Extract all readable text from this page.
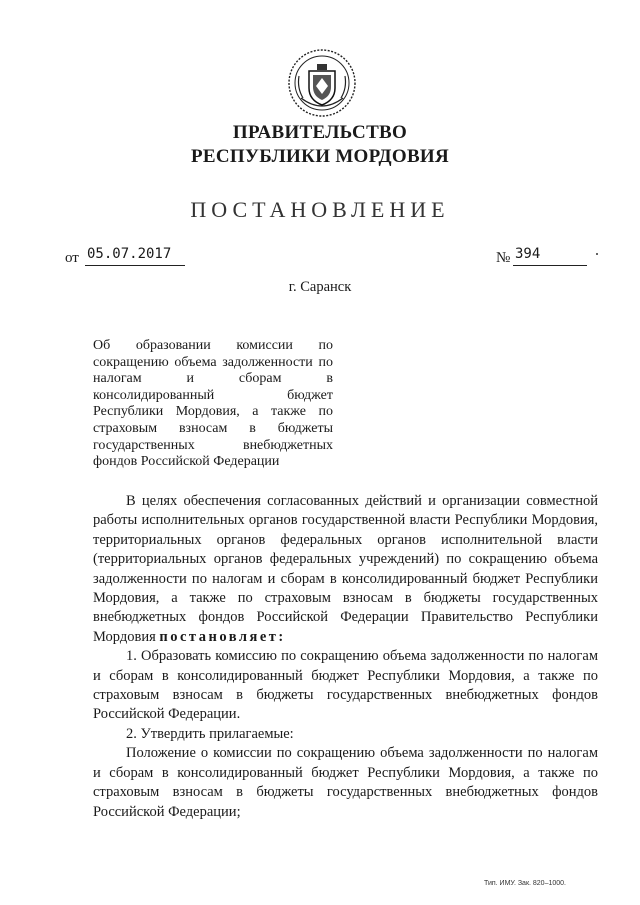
ПРАВИТЕЛЬСТВО
РЕСПУБЛИКИ МОРДОВИЯ
ПОСТАНОВЛЕНИЕ
от 05.07.2017	№ 394
г. Саранск
Об образовании комиссии по сокращению объема задолженности по налогам и сборам в консолидированный бюджет Республики Мордовия, а также по страховым взносам в бюджеты государственных внебюджетных фондов Российской Федерации

В целях обеспечения согласованных действий и организации совместной работы исполнительных органов государственной власти Республики Мордовия, территориальных органов федеральных органов исполнительной власти (территориальных органов федеральных учреждений) по сокращению объема задолженности по налогам и сборам в консолидированный бюджет Республики Мордовия, а также по страховым взносам в бюджеты государственных внебюджетных фондов Российской Федерации Правительство Республики Мордовия постановляет:

1. Образовать комиссию по сокращению объема задолженности по налогам и сборам в консолидированный бюджет Республики Мордовия, а также по страховым взносам в бюджеты государственных внебюджетных фондов Российской Федерации.

2. Утвердить прилагаемые:

Положение о комиссии по сокращению объема задолженности по налогам и сборам в консолидированный бюджет Республики Мордовия, а также по страховым взносам в бюджеты государственных внебюджетных фондов Российской Федерации;

Тип. ИМУ. Зак. 820–1000.
